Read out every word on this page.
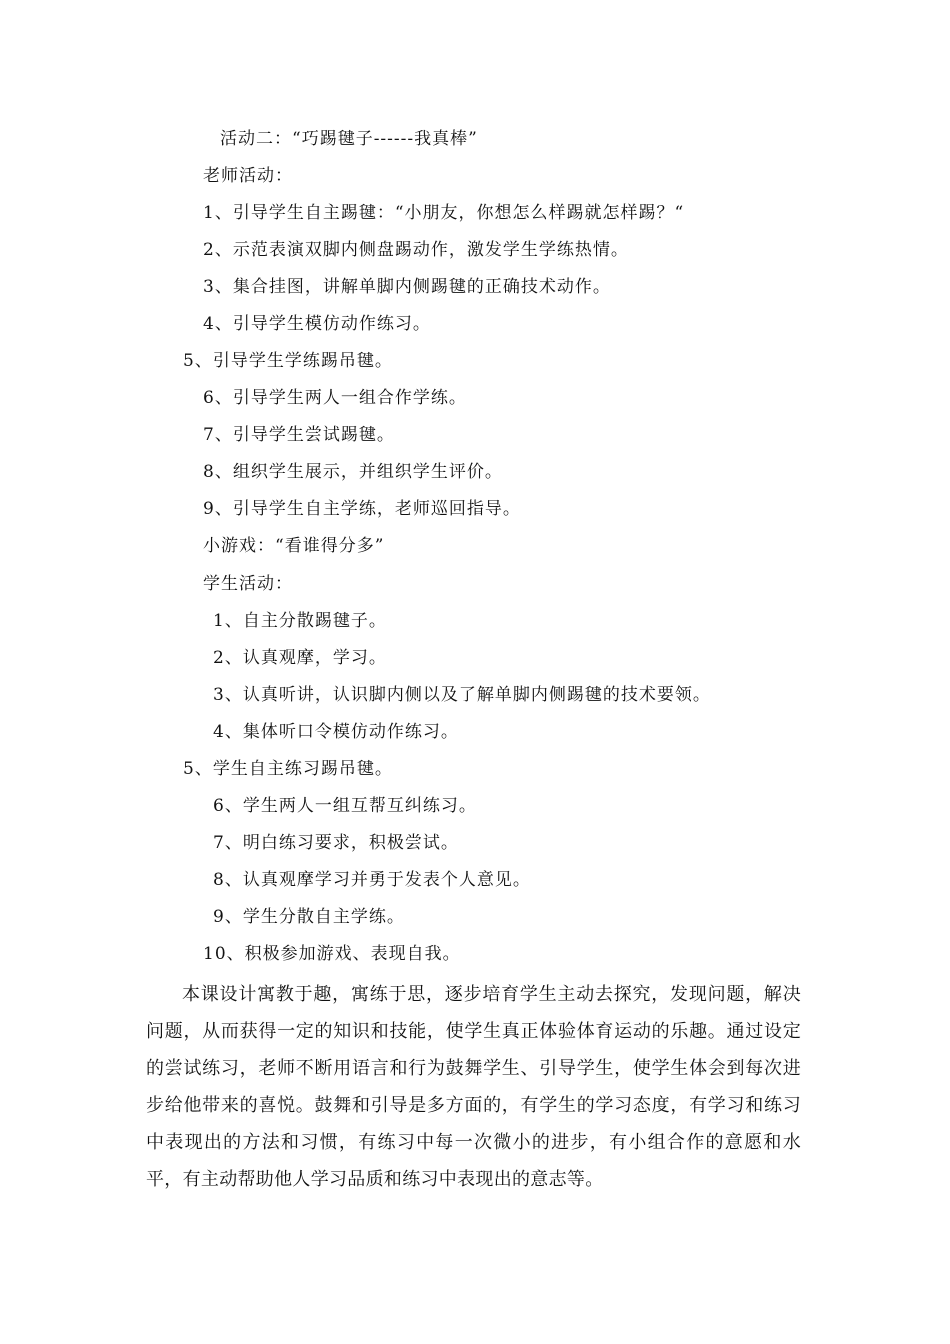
活动二：“巧踢毽子------我真棒”
老师活动：
1、引导学生自主踢毽：“小朋友，你想怎么样踢就怎样踢？“
2、示范表演双脚内侧盘踢动作，激发学生学练热情。
3、集合挂图，讲解单脚内侧踢毽的正确技术动作。
4、引导学生模仿动作练习。
5、引导学生学练踢吊毽。
6、引导学生两人一组合作学练。
7、引导学生尝试踢毽。
8、组织学生展示，并组织学生评价。
9、引导学生自主学练，老师巡回指导。
小游戏：“看谁得分多”
学生活动：
1、自主分散踢毽子。
2、认真观摩，学习。
3、认真听讲，认识脚内侧以及了解单脚内侧踢毽的技术要领。
4、集体听口令模仿动作练习。
5、学生自主练习踢吊毽。
6、学生两人一组互帮互纠练习。
7、明白练习要求，积极尝试。
8、认真观摩学习并勇于发表个人意见。
9、学生分散自主学练。
10、积极参加游戏、表现自我。

本课设计寓教于趣，寓练于思，逐步培育学生主动去探究，发现问题，解决问题，从而获得一定的知识和技能，使学生真正体验体育运动的乐趣。通过设定的尝试练习，老师不断用语言和行为鼓舞学生、引导学生，使学生体会到每次进步给他带来的喜悦。鼓舞和引导是多方面的，有学生的学习态度，有学习和练习中表现出的方法和习惯，有练习中每一次微小的进步，有小组合作的意愿和水平，有主动帮助他人学习品质和练习中表现出的意志等。
